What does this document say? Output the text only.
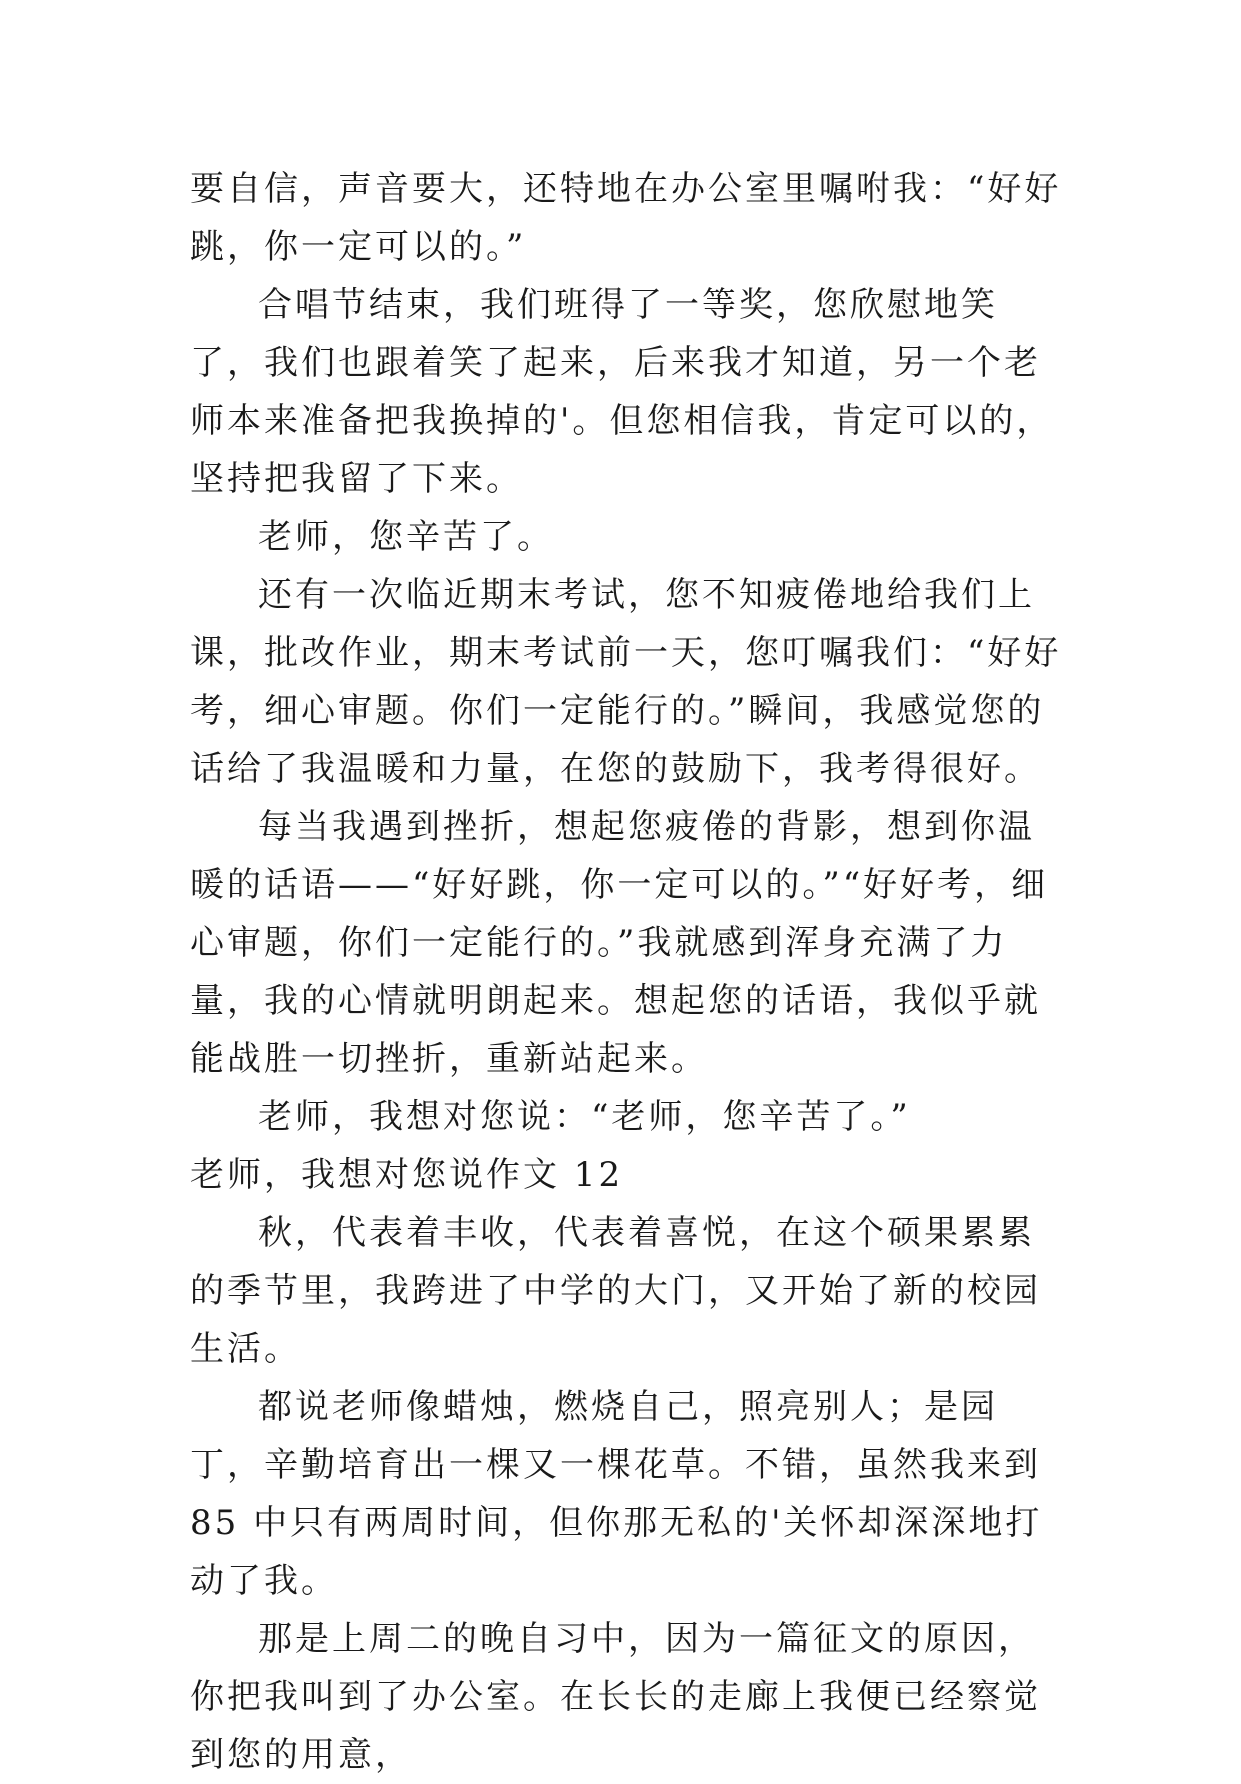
要自信，声音要大，还特地在办公室里嘱咐我：“好好跳，你一定可以的。”

合唱节结束，我们班得了一等奖，您欣慰地笑了，我们也跟着笑了起来，后来我才知道，另一个老师本来准备把我换掉的'。但您相信我，肯定可以的，坚持把我留了下来。

老师，您辛苦了。

还有一次临近期末考试，您不知疲倦地给我们上课，批改作业，期末考试前一天，您叮嘱我们：“好好考，细心审题。你们一定能行的。”瞬间，我感觉您的话给了我温暖和力量，在您的鼓励下，我考得很好。

每当我遇到挫折，想起您疲倦的背影，想到你温暖的话语——“好好跳，你一定可以的。”“好好考，细心审题，你们一定能行的。”我就感到浑身充满了力量，我的心情就明朗起来。想起您的话语，我似乎就能战胜一切挫折，重新站起来。

老师，我想对您说：“老师，您辛苦了。”

老师，我想对您说作文 12

秋，代表着丰收，代表着喜悦，在这个硕果累累的季节里，我跨进了中学的大门，又开始了新的校园生活。

都说老师像蜡烛，燃烧自己，照亮别人；是园丁，辛勤培育出一棵又一棵花草。不错，虽然我来到 85 中只有两周时间，但你那无私的'关怀却深深地打动了我。

那是上周二的晚自习中，因为一篇征文的原因，你把我叫到了办公室。在长长的走廊上我便已经察觉到您的用意，
